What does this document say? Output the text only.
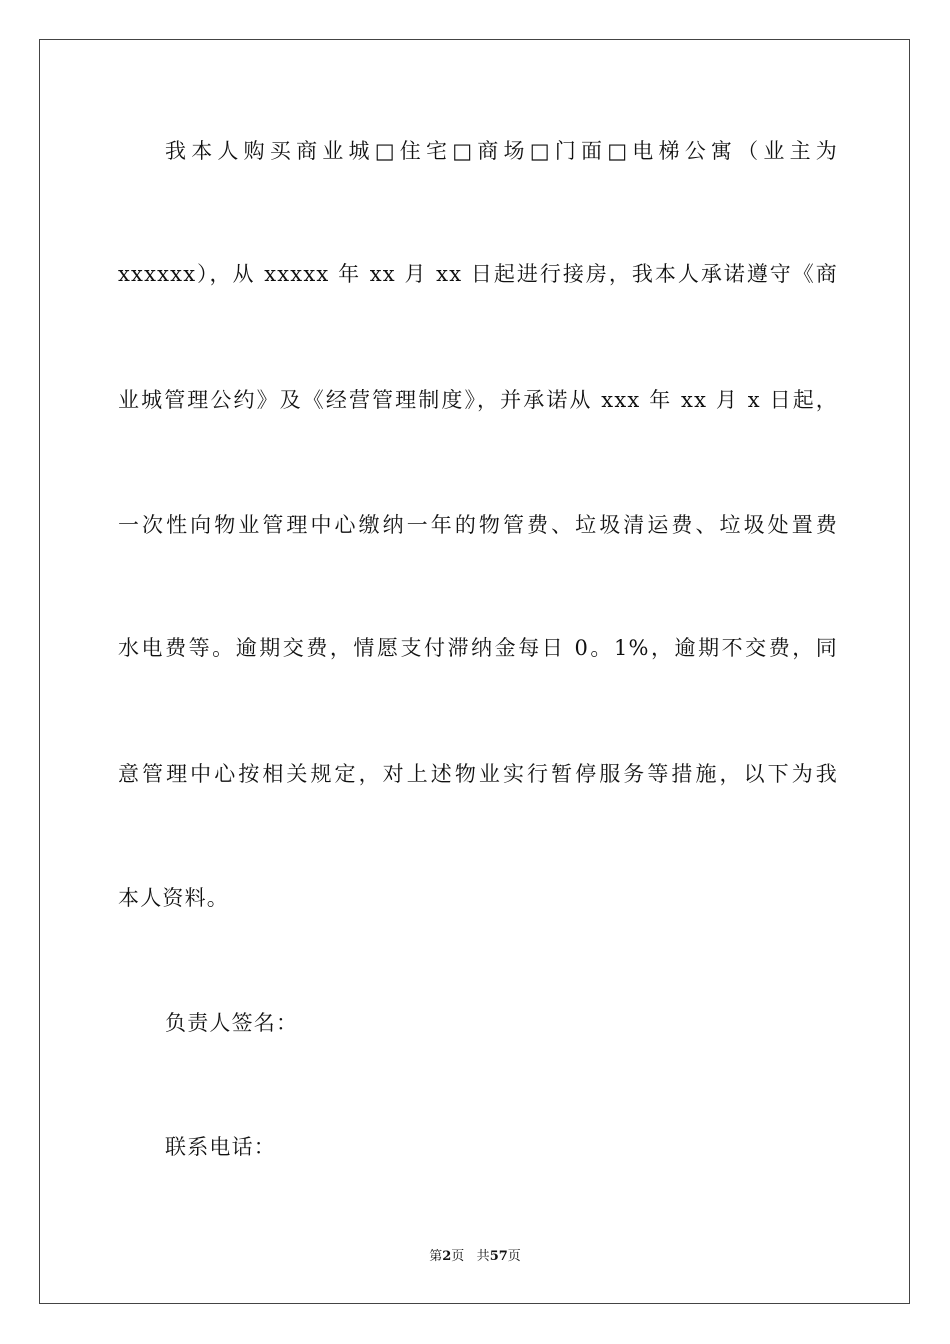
我本人购买商业城□住宅□商场□门面□电梯公寓（业主为
xxxxxx），从 xxxxx 年 xx 月 xx 日起进行接房，我本人承诺遵守《商
业城管理公约》及《经营管理制度》，并承诺从 xxx 年 xx 月 x 日起，
一次性向物业管理中心缴纳一年的物管费、垃圾清运费、垃圾处置费
水电费等。逾期交费，情愿支付滞纳金每日 0。1%，逾期不交费，同
意管理中心按相关规定，对上述物业实行暂停服务等措施，以下为我
本人资料。
负责人签名：
联系电话：
第2页 共57页
